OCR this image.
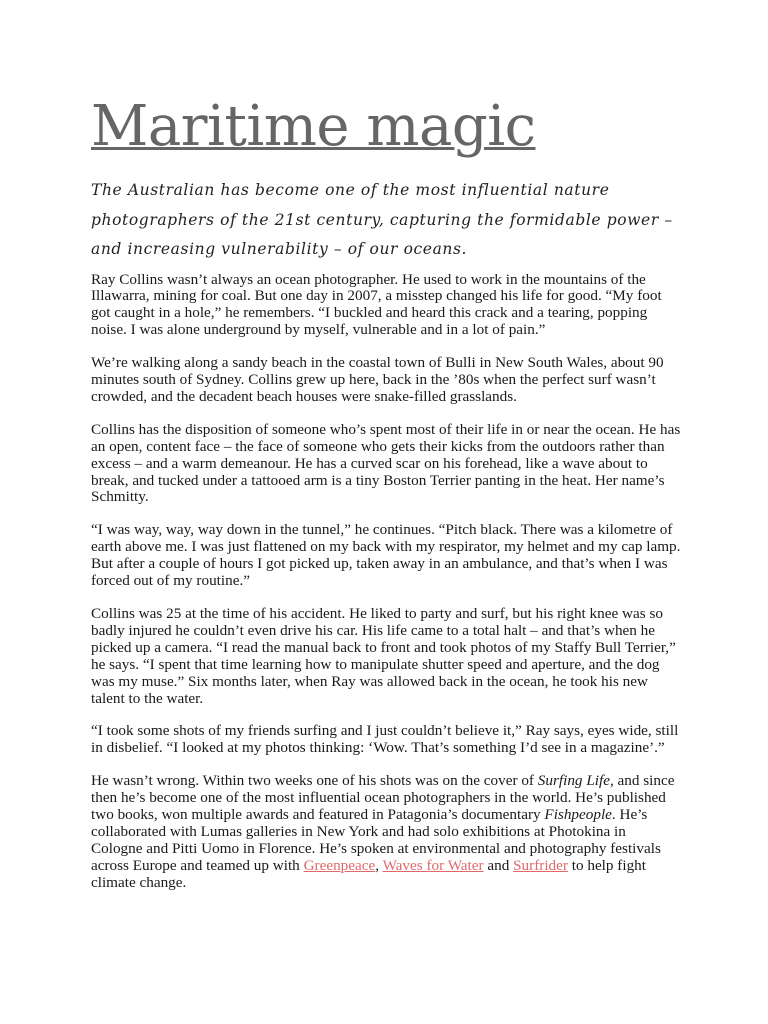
Maritime magic
The Australian has become one of the most influential nature photographers of the 21st century, capturing the formidable power – and increasing vulnerability – of our oceans.

Ray Collins wasn’t always an ocean photographer. He used to work in the mountains of the Illawarra, mining for coal. But one day in 2007, a misstep changed his life for good. “My foot got caught in a hole,” he remembers. “I buckled and heard this crack and a tearing, popping noise. I was alone underground by myself, vulnerable and in a lot of pain.”

We’re walking along a sandy beach in the coastal town of Bulli in New South Wales, about 90 minutes south of Sydney. Collins grew up here, back in the ’80s when the perfect surf wasn’t crowded, and the decadent beach houses were snake-filled grasslands.

Collins has the disposition of someone who’s spent most of their life in or near the ocean. He has an open, content face – the face of someone who gets their kicks from the outdoors rather than excess – and a warm demeanour. He has a curved scar on his forehead, like a wave about to break, and tucked under a tattooed arm is a tiny Boston Terrier panting in the heat. Her name’s Schmitty.

“I was way, way, way down in the tunnel,” he continues. “Pitch black. There was a kilometre of earth above me. I was just flattened on my back with my respirator, my helmet and my cap lamp. But after a couple of hours I got picked up, taken away in an ambulance, and that’s when I was forced out of my routine.”

Collins was 25 at the time of his accident. He liked to party and surf, but his right knee was so badly injured he couldn’t even drive his car. His life came to a total halt – and that’s when he picked up a camera. “I read the manual back to front and took photos of my Staffy Bull Terrier,” he says. “I spent that time learning how to manipulate shutter speed and aperture, and the dog was my muse.” Six months later, when Ray was allowed back in the ocean, he took his new talent to the water.

“I took some shots of my friends surfing and I just couldn’t believe it,” Ray says, eyes wide, still in disbelief. “I looked at my photos thinking: ‘Wow. That’s something I’d see in a magazine’.”

He wasn’t wrong. Within two weeks one of his shots was on the cover of Surfing Life, and since then he’s become one of the most influential ocean photographers in the world. He’s published two books, won multiple awards and featured in Patagonia’s documentary Fishpeople. He’s collaborated with Lumas galleries in New York and had solo exhibitions at Photokina in Cologne and Pitti Uomo in Florence. He’s spoken at environmental and photography festivals across Europe and teamed up with Greenpeace, Waves for Water and Surfrider to help fight climate change.
